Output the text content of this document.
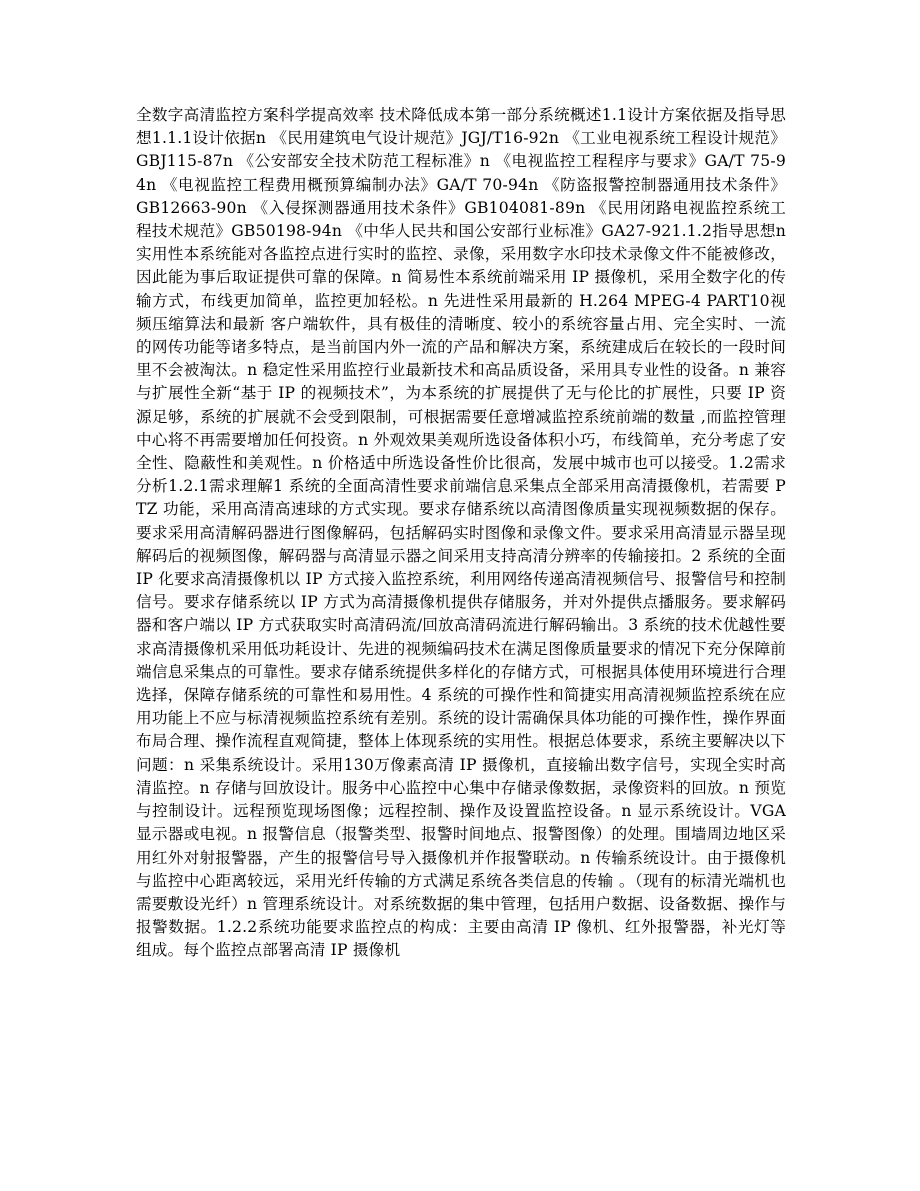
全数字高清监控方案科学提高效率 技术降低成本第一部分系统概述1.1设计方案依据及指导思想1.1.1设计依据n 《民用建筑电气设计规范》JGJ/T16-92n 《工业电视系统工程设计规范》GBJ115-87n 《公安部安全技术防范工程标准》n 《电视监控工程程序与要求》GA/T 75-94n 《电视监控工程费用概预算编制办法》GA/T 70-94n 《防盗报警控制器通用技术条件》GB12663-90n 《入侵探测器通用技术条件》GB104081-89n 《民用闭路电视监控系统工程技术规范》GB50198-94n 《中华人民共和国公安部行业标准》GA27-921.1.2指导思想n 实用性本系统能对各监控点进行实时的监控、录像，采用数字水印技术录像文件不能被修改，因此能为事后取证提供可靠的保障。n 简易性本系统前端采用 IP 摄像机，采用全数字化的传输方式，布线更加简单，监控更加轻松。n 先进性采用最新的 H.264 MPEG-4 PART10视频压缩算法和最新 客户端软件，具有极佳的清晰度、较小的系统容量占用、完全实时、一流的网传功能等诸多特点，是当前国内外一流的产品和解决方案，系统建成后在较长的一段时间里不会被淘汰。n 稳定性采用监控行业最新技术和高品质设备，采用具专业性的设备。n 兼容与扩展性全新“基于 IP 的视频技术”，为本系统的扩展提供了无与伦比的扩展性，只要 IP 资源足够，系统的扩展就不会受到限制，可根据需要任意增减监控系统前端的数量 ,而监控管理中心将不再需要增加任何投资。n 外观效果美观所选设备体积小巧，布线简单，充分考虑了安全性、隐蔽性和美观性。n 价格适中所选设备性价比很高，发展中城市也可以接受。1.2需求分析1.2.1需求理解1 系统的全面高清性要求前端信息采集点全部采用高清摄像机，若需要 PTZ 功能，采用高清高速球的方式实现。要求存储系统以高清图像质量实现视频数据的保存。要求采用高清解码器进行图像解码，包括解码实时图像和录像文件。要求采用高清显示器呈现解码后的视频图像，解码器与高清显示器之间采用支持高清分辨率的传输接扣。2 系统的全面 IP 化要求高清摄像机以 IP 方式接入监控系统，利用网络传递高清视频信号、报警信号和控制信号。要求存储系统以 IP 方式为高清摄像机提供存储服务，并对外提供点播服务。要求解码器和客户端以 IP 方式获取实时高清码流/回放高清码流进行解码输出。3 系统的技术优越性要求高清摄像机采用低功耗设计、先进的视频编码技术在满足图像质量要求的情况下充分保障前端信息采集点的可靠性。要求存储系统提供多样化的存储方式，可根据具体使用环境进行合理选择，保障存储系统的可靠性和易用性。4 系统的可操作性和简捷实用高清视频监控系统在应用功能上不应与标清视频监控系统有差别。系统的设计需确保具体功能的可操作性，操作界面布局合理、操作流程直观简捷，整体上体现系统的实用性。根据总体要求，系统主要解决以下问题：n 采集系统设计。采用130万像素高清 IP 摄像机，直接输出数字信号，实现全实时高清监控。n 存储与回放设计。服务中心监控中心集中存储录像数据，录像资料的回放。n 预览与控制设计。远程预览现场图像；远程控制、操作及设置监控设备。n 显示系统设计。VGA 显示器或电视。n 报警信息（报警类型、报警时间地点、报警图像）的处理。围墙周边地区采用红外对射报警器，产生的报警信号导入摄像机并作报警联动。n 传输系统设计。由于摄像机与监控中心距离较远，采用光纤传输的方式满足系统各类信息的传输 。（现有的标清光端机也需要敷设光纤）n 管理系统设计。对系统数据的集中管理，包括用户数据、设备数据、操作与报警数据。1.2.2系统功能要求监控点的构成：主要由高清 IP 像机、红外报警器，补光灯等组成。每个监控点部署高清 IP 摄像机
